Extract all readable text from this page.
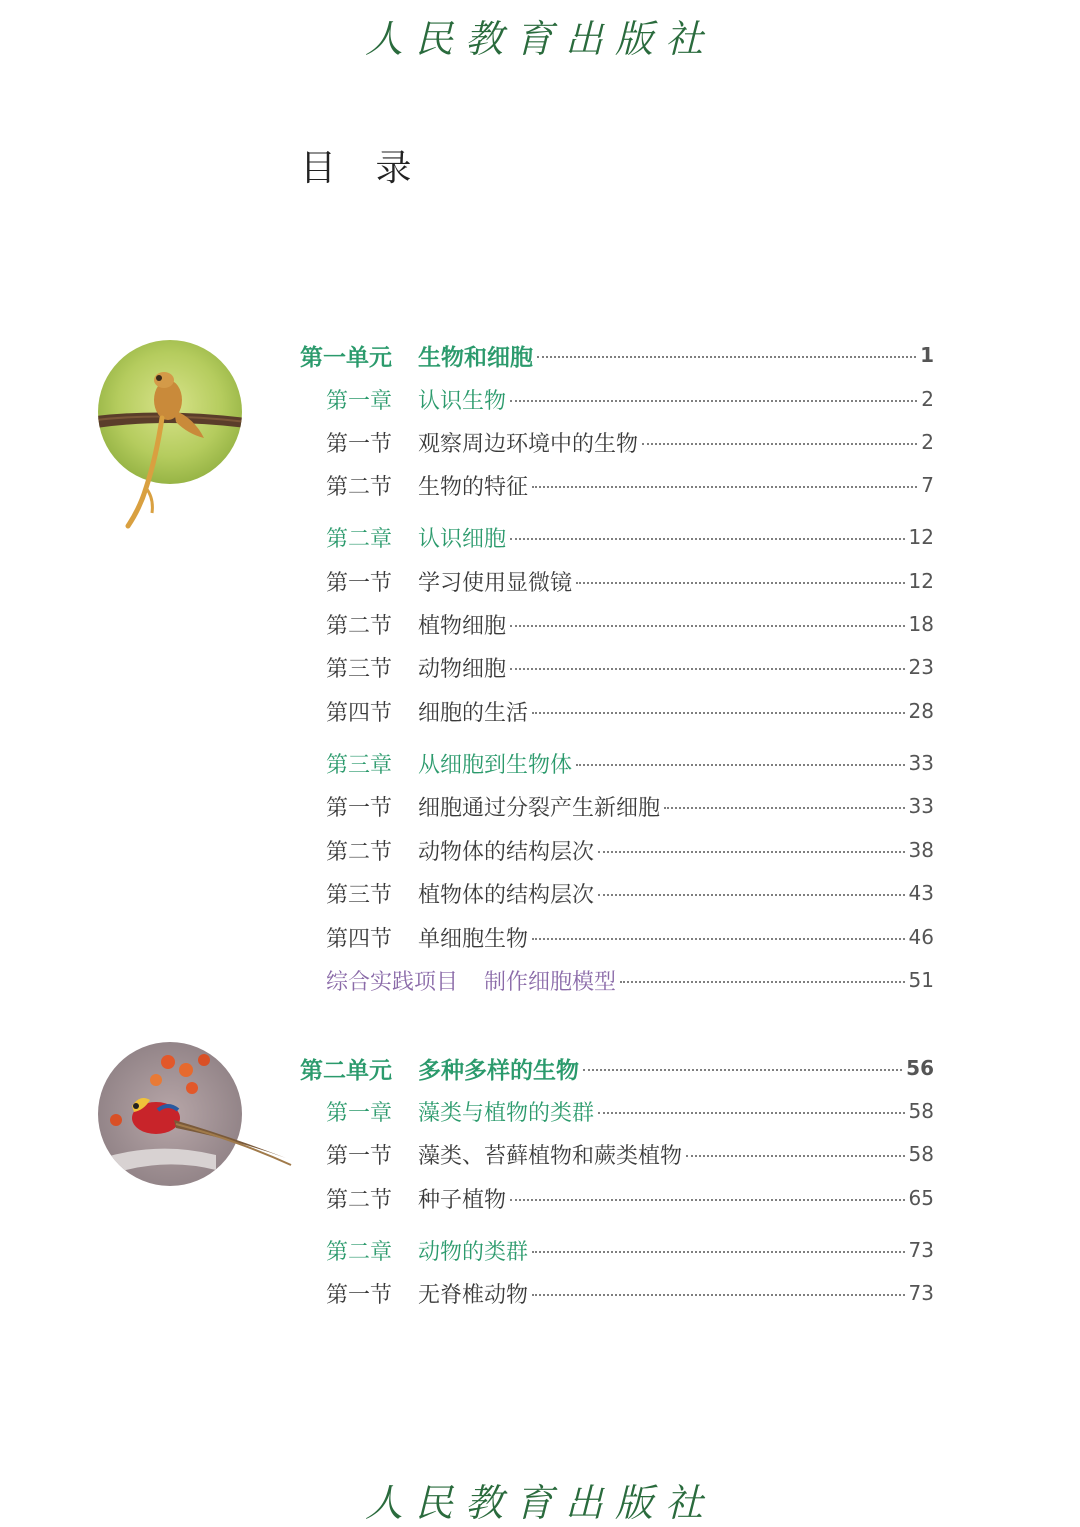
人民教育出版社
目 录
第一单元 生物和细胞	1
第一章 认识生物	2
第一节 观察周边环境中的生物	2
第二节 生物的特征	7
第二章 认识细胞	12
第一节 学习使用显微镜	12
第二节 植物细胞	18
第三节 动物细胞	23
第四节 细胞的生活	28
第三章 从细胞到生物体	33
第一节 细胞通过分裂产生新细胞	33
第二节 动物体的结构层次	38
第三节 植物体的结构层次	43
第四节 单细胞生物	46
综合实践项目 制作细胞模型	51
第二单元 多种多样的生物	56
第一章 藻类与植物的类群	58
第一节 藻类、苔藓植物和蕨类植物	58
第二节 种子植物	65
第二章 动物的类群	73
第一节 无脊椎动物	73
人民教育出版社
